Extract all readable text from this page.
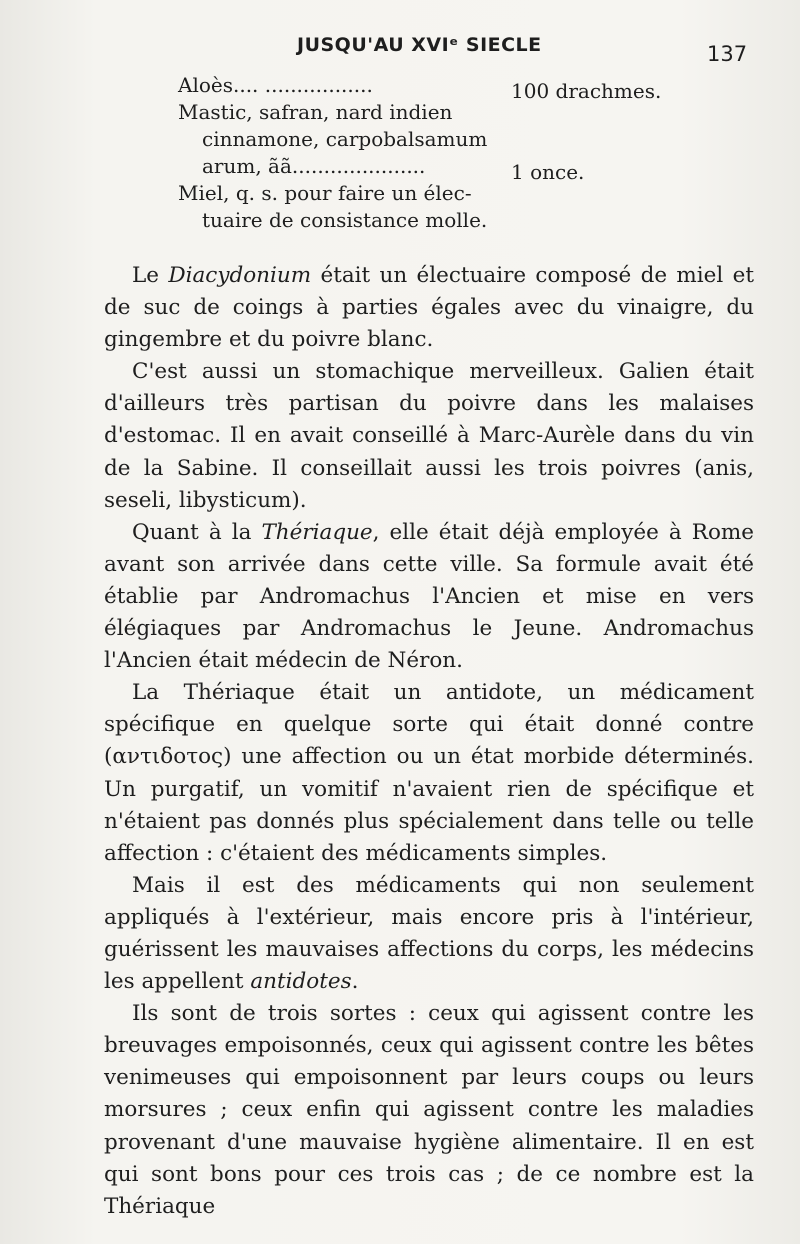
JUSQU'AU XVIᵉ SIECLE	137
Aloès.... .................	100 drachmes.
Mastic, safran, nard indien
cinnamone, carpobalsamum
arum, ãã.....................	1 once.
Miel, q. s. pour faire un élec-
tuaire de consistance molle.

Le Diacydonium était un électuaire composé de miel et de suc de coings à parties égales avec du vinaigre, du gingembre et du poivre blanc.

C'est aussi un stomachique merveilleux. Galien était d'ailleurs très partisan du poivre dans les malaises d'estomac. Il en avait conseillé à Marc-Aurèle dans du vin de la Sabine. Il conseillait aussi les trois poivres (anis, seseli, libysticum).

Quant à la Thériaque, elle était déjà employée à Rome avant son arrivée dans cette ville. Sa formule avait été établie par Andromachus l'Ancien et mise en vers élégiaques par Andromachus le Jeune. Andromachus l'Ancien était médecin de Néron.

La Thériaque était un antidote, un médicament spécifique en quelque sorte qui était donné contre (αντιδοτος) une affection ou un état morbide déterminés. Un purgatif, un vomitif n'avaient rien de spécifique et n'étaient pas donnés plus spécialement dans telle ou telle affection : c'étaient des médicaments simples.

Mais il est des médicaments qui non seulement appliqués à l'extérieur, mais encore pris à l'intérieur, guérissent les mauvaises affections du corps, les médecins les appellent antidotes.

Ils sont de trois sortes : ceux qui agissent contre les breuvages empoisonnés, ceux qui agissent contre les bêtes venimeuses qui empoisonnent par leurs coups ou leurs morsures ; ceux enfin qui agissent contre les maladies provenant d'une mauvaise hygiène alimentaire. Il en est qui sont bons pour ces trois cas ; de ce nombre est la Thériaque
